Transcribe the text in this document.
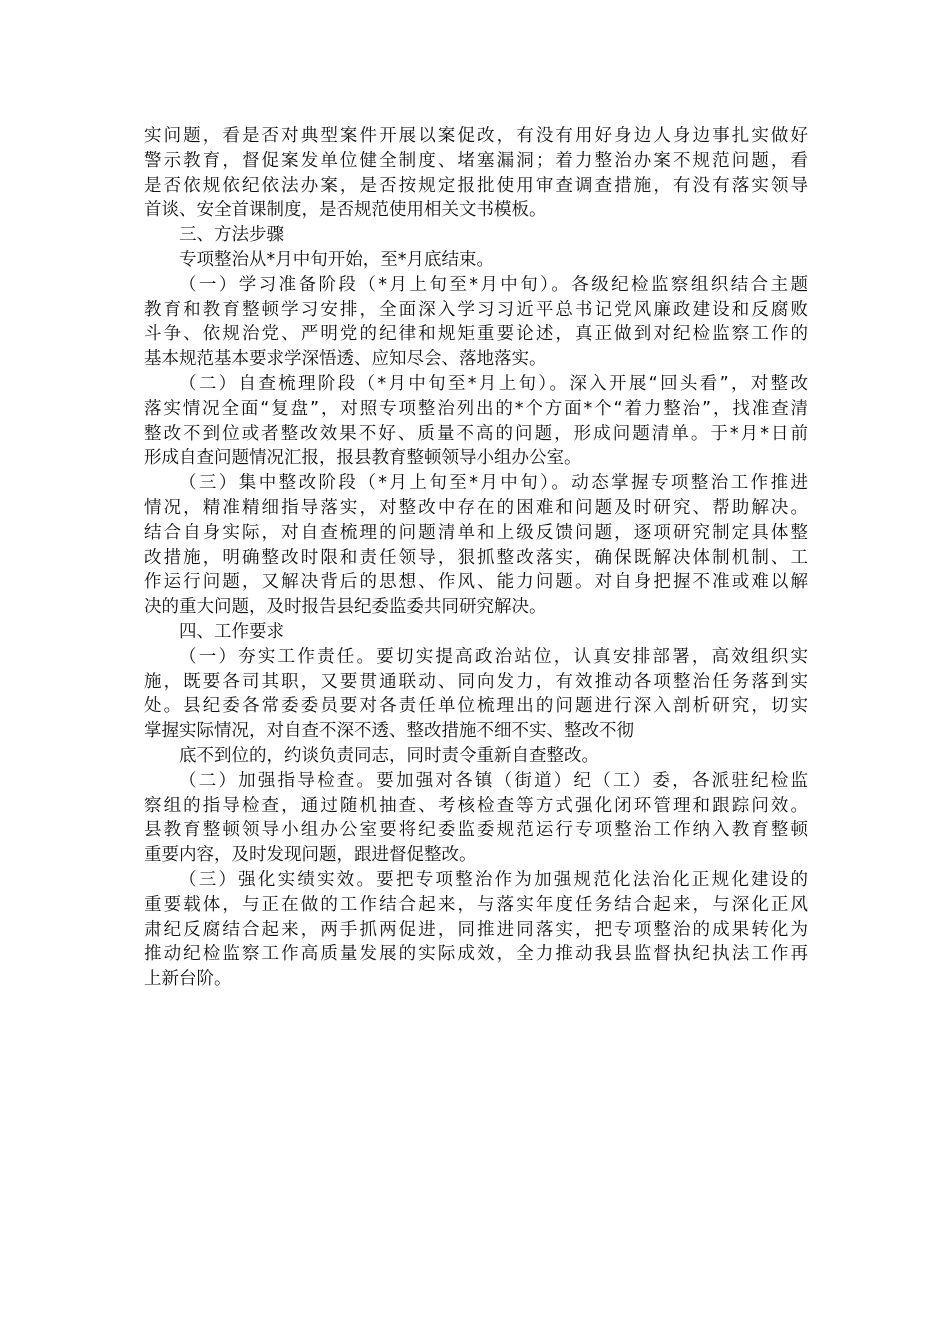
实问题，看是否对典型案件开展以案促改，有没有用好身边人身边事扎实做好
警示教育，督促案发单位健全制度、堵塞漏洞；着力整治办案不规范问题，看
是否依规依纪依法办案，是否按规定报批使用审查调查措施，有没有落实领导
首谈、安全首课制度，是否规范使用相关文书模板。
三、方法步骤
专项整治从*月中旬开始，至*月底结束。
（一）学习准备阶段（*月上旬至*月中旬）。各级纪检监察组织结合主题
教育和教育整顿学习安排，全面深入学习习近平总书记党风廉政建设和反腐败
斗争、依规治党、严明党的纪律和规矩重要论述，真正做到对纪检监察工作的
基本规范基本要求学深悟透、应知尽会、落地落实。
（二）自查梳理阶段（*月中旬至*月上旬）。深入开展“回头看”，对整改
落实情况全面“复盘”，对照专项整治列出的*个方面*个“着力整治”，找准查清
整改不到位或者整改效果不好、质量不高的问题，形成问题清单。于*月*日前
形成自查问题情况汇报，报县教育整顿领导小组办公室。
（三）集中整改阶段（*月上旬至*月中旬）。动态掌握专项整治工作推进
情况，精准精细指导落实，对整改中存在的困难和问题及时研究、帮助解决。
结合自身实际，对自查梳理的问题清单和上级反馈问题，逐项研究制定具体整
改措施，明确整改时限和责任领导，狠抓整改落实，确保既解决体制机制、工
作运行问题，又解决背后的思想、作风、能力问题。对自身把握不准或难以解
决的重大问题，及时报告县纪委监委共同研究解决。
四、工作要求
（一）夯实工作责任。要切实提高政治站位，认真安排部署，高效组织实
施，既要各司其职，又要贯通联动、同向发力，有效推动各项整治任务落到实
处。县纪委各常委委员要对各责任单位梳理出的问题进行深入剖析研究，切实
掌握实际情况，对自查不深不透、整改措施不细不实、整改不彻
底不到位的，约谈负责同志，同时责令重新自查整改。
（二）加强指导检查。要加强对各镇（街道）纪（工）委，各派驻纪检监
察组的指导检查，通过随机抽查、考核检查等方式强化闭环管理和跟踪问效。
县教育整顿领导小组办公室要将纪委监委规范运行专项整治工作纳入教育整顿
重要内容，及时发现问题，跟进督促整改。
（三）强化实绩实效。要把专项整治作为加强规范化法治化正规化建设的
重要载体，与正在做的工作结合起来，与落实年度任务结合起来，与深化正风
肃纪反腐结合起来，两手抓两促进，同推进同落实，把专项整治的成果转化为
推动纪检监察工作高质量发展的实际成效，全力推动我县监督执纪执法工作再
上新台阶。
